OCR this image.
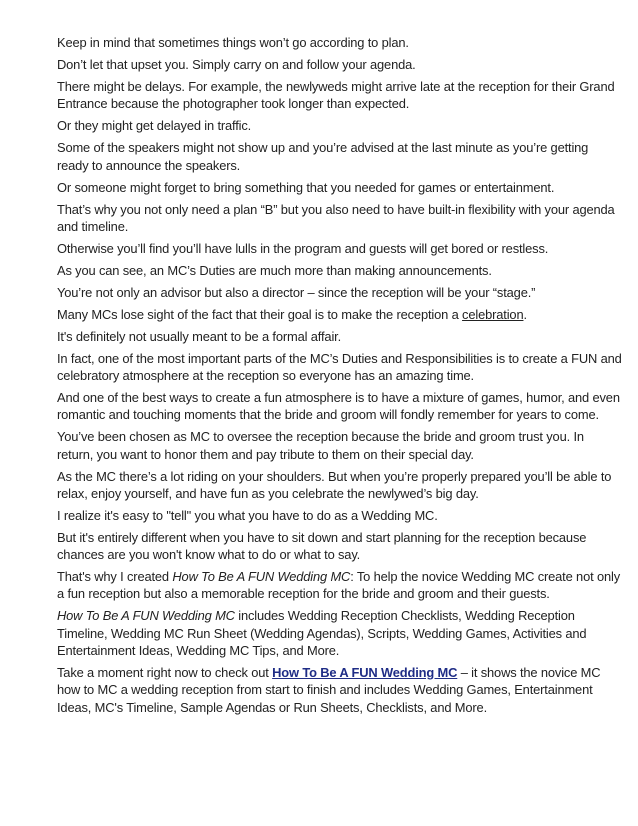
Keep in mind that sometimes things won’t go according to plan.

Don’t let that upset you. Simply carry on and follow your agenda.

There might be delays. For example, the newlyweds might arrive late at the reception for their Grand Entrance because the photographer took longer than expected.

Or they might get delayed in traffic.

Some of the speakers might not show up and you’re advised at the last minute as you’re getting ready to announce the speakers.

Or someone might forget to bring something that you needed for games or entertainment.

That’s why you not only need a plan “B” but you also need to have built-in flexibility with your agenda and timeline.

Otherwise you’ll find you’ll have lulls in the program and guests will get bored or restless.

As you can see, an MC’s Duties are much more than making announcements.

You’re not only an advisor but also a director – since the reception will be your “stage.”

Many MCs lose sight of the fact that their goal is to make the reception a celebration.

It's definitely not usually meant to be a formal affair.

In fact, one of the most important parts of the MC’s Duties and Responsibilities is to create a FUN and celebratory atmosphere at the reception so everyone has an amazing time.

And one of the best ways to create a fun atmosphere is to have a mixture of games, humor, and even romantic and touching moments that the bride and groom will fondly remember for years to come.

You’ve been chosen as MC to oversee the reception because the bride and groom trust you. In return, you want to honor them and pay tribute to them on their special day.

As the MC there’s a lot riding on your shoulders. But when you’re properly prepared you’ll be able to relax, enjoy yourself, and have fun as you celebrate the newlywed’s big day.

I realize it's easy to "tell" you what you have to do as a Wedding MC.

But it's entirely different when you have to sit down and start planning for the reception because chances are you won't know what to do or what to say.

That's why I created How To Be A FUN Wedding MC: To help the novice Wedding MC create not only a fun reception but also a memorable reception for the bride and groom and their guests.

How To Be A FUN Wedding MC includes Wedding Reception Checklists, Wedding Reception Timeline, Wedding MC Run Sheet (Wedding Agendas), Scripts, Wedding Games, Activities and Entertainment Ideas, Wedding MC Tips, and More.

Take a moment right now to check out How To Be A FUN Wedding MC – it shows the novice MC how to MC a wedding reception from start to finish and includes Wedding Games, Entertainment Ideas, MC's Timeline, Sample Agendas or Run Sheets, Checklists, and More.
